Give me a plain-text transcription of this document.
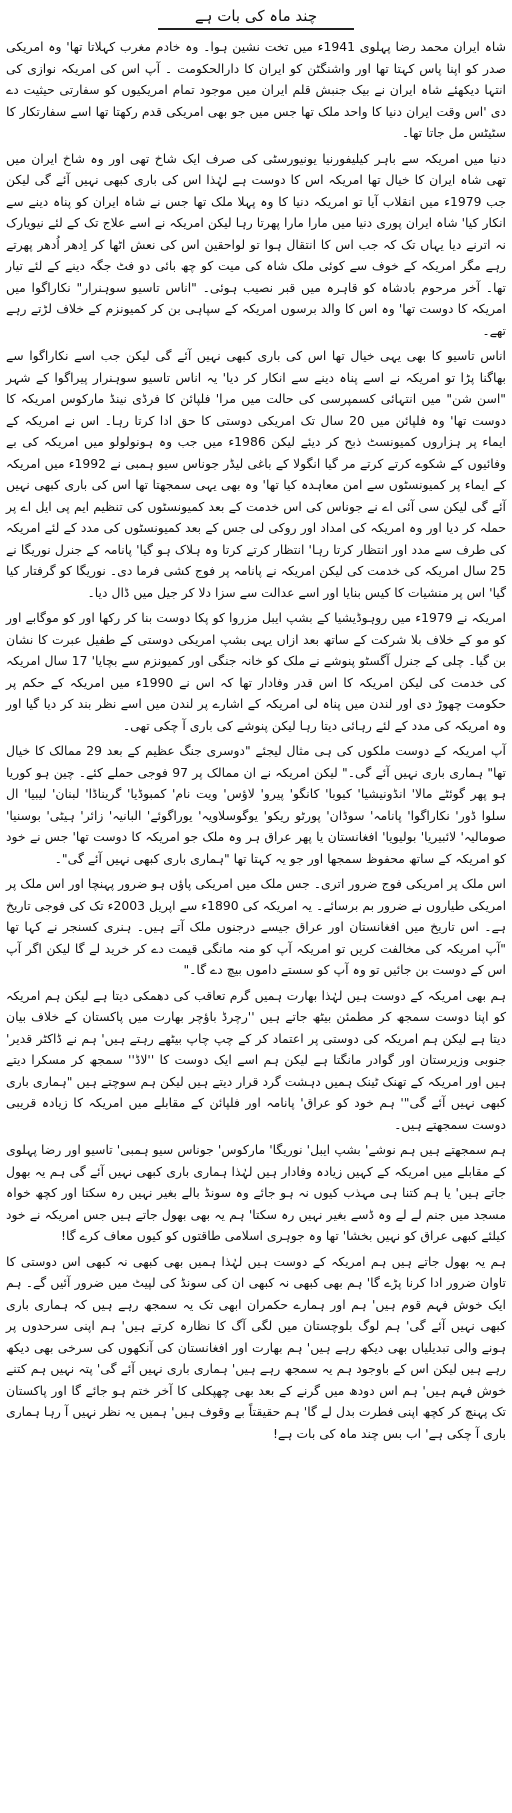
چند ماہ کی بات ہے

شاہ ایران محمد رضا پہلوی 1941ء میں تخت نشین ہوا۔ وہ خادم مغرب کہلاتا تھا' وہ امریکی صدر کو اپنا پاس کہتا تھا اور واشنگٹن کو ایران کا دارالحکومت ۔ آپ اس کی امریکہ نوازی کی انتہا دیکھئے شاہ ایران نے بیک جنبش قلم ایران میں موجود تمام امریکیوں کو سفارتی حیثیت دے دی 'اس وقت ایران دنیا کا واحد ملک تھا جس میں جو بھی امریکی قدم رکھتا تھا اسے سفارتکار کا سٹیٹس مل جاتا تھا۔

دنیا میں امریکہ سے باہر کیلیفورنیا یونیورسٹی کی صرف ایک شاخ تھی اور وہ شاخ ایران میں تھی شاہ ایران کا خیال تھا امریکہ اس کا دوست ہے لہٰذا اس کی باری کبھی نہیں آئے گی لیکن جب 1979ء میں انقلاب آیا تو امریکہ دنیا کا وہ پہلا ملک تھا جس نے شاہ ایران کو پناہ دینے سے انکار کیا' شاہ ایران پوری دنیا میں مارا مارا پھرتا رہا لیکن امریکہ نے اسے علاج تک کے لئے نیویارک نہ اترنے دیا یہاں تک کہ جب اس کا انتقال ہوا تو لواحقین اس کی نعش اٹھا کر اِدھر اُدھر پھرتے رہے مگر امریکہ کے خوف سے کوئی ملک شاہ کی میت کو چھ بائی دو فٹ جگہ دینے کے لئے تیار تھا۔ آخر مرحوم بادشاہ کو قاہرہ میں قبر نصیب ہوئی۔ "اناس تاسیو سوہنرار" نکاراگوا میں امریکہ کا دوست تھا' وہ اس کا والد برسوں امریکہ کے سپاہی بن کر کمیونزم کے خلاف لڑتے رہے تھے۔

اناس تاسیو کا بھی یہی خیال تھا اس کی باری کبھی نہیں آئے گی لیکن جب اسے نکاراگوا سے بھاگنا پڑا تو امریکہ نے اسے پناہ دینے سے انکار کر دیا' یہ اناس تاسیو سوہنرار پیراگوا کے شہر "اسن شن" میں انتہائی کسمپرسی کی حالت میں مرا' فلپائن کا فرڈی نینڈ مارکوس امریکہ کا دوست تھا' وہ فلپائن میں 20 سال تک امریکی دوستی کا حق ادا کرتا رہا۔ اس نے امریکہ کے ایماء پر ہزاروں کمیونسٹ ذبح کر دیئے لیکن 1986ء میں جب وہ ہونولولو میں امریکہ کی بے وفائیوں کے شکوے کرتے کرتے مر گیا انگولا کے باغی لیڈر جوناس سیو ہمبی نے 1992ء میں امریکہ کے ایماء پر کمیونسٹوں سے امن معاہدہ کیا تھا' وہ بھی یہی سمجھتا تھا اس کی باری کبھی نہیں آئے گی لیکن سی آئی اے نے جوناس کی اس خدمت کے بعد کمیونسٹوں کی تنظیم ایم پی ایل اے پر حملہ کر دیا اور وہ امریکہ کی امداد اور روکی لی جس کے بعد کمیونسٹوں کی مدد کے لئے امریکہ کی طرف سے مدد اور انتظار کرتا رہا' انتظار کرتے کرتا وہ ہلاک ہو گیا' پانامہ کے جنرل نوریگا نے 25 سال امریکہ کی خدمت کی لیکن امریکہ نے پانامہ پر فوج کشی فرما دی۔ نوریگا کو گرفتار کیا گیا' اس پر منشیات کا کیس بنایا اور اسے عدالت سے سزا دلا کر جیل میں ڈال دیا۔

امریکہ نے 1979ء میں روہوڈیشیا کے بشپ ایبل مزروا کو پکا دوست بنا کر رکھا اور کو موگابے اور کو مو کے خلاف بلا شرکت کے ساتھ بعد ازاں یہی بشپ امریکی دوستی کے طفیل عبرت کا نشان بن گیا۔ چلی کے جنرل آگسٹو پنوشے نے ملک کو خانہ جنگی اور کمیونزم سے بچایا' 17 سال امریکہ کی خدمت کی لیکن امریکہ کا اس قدر وفادار تھا کہ اس نے 1990ء میں امریکہ کے حکم پر حکومت چھوڑ دی اور لندن میں پناہ لی امریکہ کے اشارے پر لندن میں اسے نظر بند کر دیا گیا اور وہ امریکہ کی مدد کے لئے رہائی دیتا رہا لیکن پنوشے کی باری آ چکی تھی۔

آپ امریکہ کے دوست ملکوں کی ہی مثال لیجئے "دوسری جنگ عظیم کے بعد 29 ممالک کا خیال تھا" ہماری باری نہیں آئے گی۔" لیکن امریکہ نے ان ممالک پر 97 فوجی حملے کئے۔ چین ہو کوریا ہو پھر گوئٹے مالا' انڈونیشیا' کیوبا' کانگو' پیرو' لاؤس' ویت نام' کمبوڈیا' گریناڈا' لبنان' لیبیا' ال سلوا ڈور' نکاراگوا' پانامہ' سوڈان' پورٹو ریکو' یوگوسلاویہ' یوراگوئے' البانیہ' زائر' ہیٹی' بوسنیا' صومالیہ' لائبیریا' بولیویا' افغانستان یا پھر عراق ہر وہ ملک جو امریکہ کا دوست تھا' جس نے خود کو امریکہ کے ساتھ محفوظ سمجھا اور جو یہ کہتا تھا "ہماری باری کبھی نہیں آئے گی"۔

اس ملک پر امریکی فوج ضرور اتری۔ جس ملک میں امریکی پاؤں ہو ضرور پہنچا اور اس ملک پر امریکی طیاروں نے ضرور بم برسائے۔ یہ امریکہ کی 1890ء سے اپریل 2003ء تک کی فوجی تاریخ ہے۔ اس تاریخ میں افغانستان اور عراق جیسے درجنوں ملک آتے ہیں۔ ہنری کسنجر نے کہا تھا "آپ امریکہ کی مخالفت کریں تو امریکہ آپ کو منہ مانگی قیمت دے کر خرید لے گا لیکن اگر آپ اس کے دوست بن جائیں تو وہ آپ کو سستے داموں بیچ دے گا۔"

ہم بھی امریکہ کے دوست ہیں لہٰذا بھارت ہمیں گرم تعاقب کی دھمکی دیتا ہے لیکن ہم امریکہ کو اپنا دوست سمجھ کر مطمئن بیٹھ جاتے ہیں ''رچرڈ باؤچر بھارت میں پاکستان کے خلاف بیان دیتا ہے لیکن ہم امریکہ کی دوستی پر اعتماد کر کے چپ چاپ بیٹھے رہتے ہیں' ہم نے ڈاکٹر قدیر' جنوبی وزیرستان اور گوادر مانگتا ہے لیکن ہم اسے ایک دوست کا ''لاڈ'' سمجھ کر مسکرا دیتے ہیں اور امریکہ کے تھنک ٹینک ہمیں دہشت گرد قرار دیتے ہیں لیکن ہم سوچتے ہیں "ہماری باری کبھی نہیں آئے گی"' ہم خود کو عراق' پانامہ اور فلپائن کے مقابلے میں امریکہ کا زیادہ قریبی دوست سمجھتے ہیں۔

ہم سمجھتے ہیں ہم نوشے' بشپ ایبل' نوریگا' مارکوس' جوناس سیو ہمبی' تاسیو اور رضا پہلوی کے مقابلے میں امریکہ کے کہیں زیادہ وفادار ہیں لہٰذا ہماری باری کبھی نہیں آئے گی ہم یہ بھول جاتے ہیں' یا ہم کتنا ہی مہذب کیوں نہ ہو جائے وہ سونڈ بالے بغیر نہیں رہ سکتا اور کچھ خواہ مسجد میں جنم لے لے وہ ڈسے بغیر نہیں رہ سکتا' ہم یہ بھی بھول جاتے ہیں جس امریکہ نے خود کیلئے کبھی عراق کو نہیں بخشا' تھا وہ جوہری اسلامی طاقتوں کو کیوں معاف کرے گا!

ہم یہ بھول جاتے ہیں ہم امریکہ کے دوست ہیں لہٰذا ہمیں بھی کبھی نہ کبھی اس دوستی کا تاوان ضرور ادا کرنا پڑے گا' ہم بھی کبھی نہ کبھی ان کی سونڈ کی لپیٹ میں ضرور آئیں گے۔ ہم ایک خوش فہم قوم ہیں' ہم اور ہمارے حکمران ابھی تک یہ سمجھ رہے ہیں کہ ہماری باری کبھی نہیں آئے گی' ہم لوگ بلوچستان میں لگی آگ کا نظارہ کرتے ہیں' ہم اپنی سرحدوں پر ہونے والی تبدیلیاں بھی دیکھ رہے ہیں' ہم بھارت اور افغانستان کی آنکھوں کی سرخی بھی دیکھ رہے ہیں لیکن اس کے باوجود ہم یہ سمجھ رہے ہیں' ہماری باری نہیں آئے گی' پتہ نہیں ہم کتنے خوش فہم ہیں' ہم اس دودھ میں گرنے کے بعد بھی چھپکلی کا آخر ختم ہو جائے گا اور پاکستان تک پہنچ کر کچھ اپنی فطرت بدل لے گا' ہم حقیقتاً بے وقوف ہیں' ہمیں یہ نظر نہیں آ رہا ہماری باری آ چکی ہے' اب بس چند ماہ کی بات ہے!
